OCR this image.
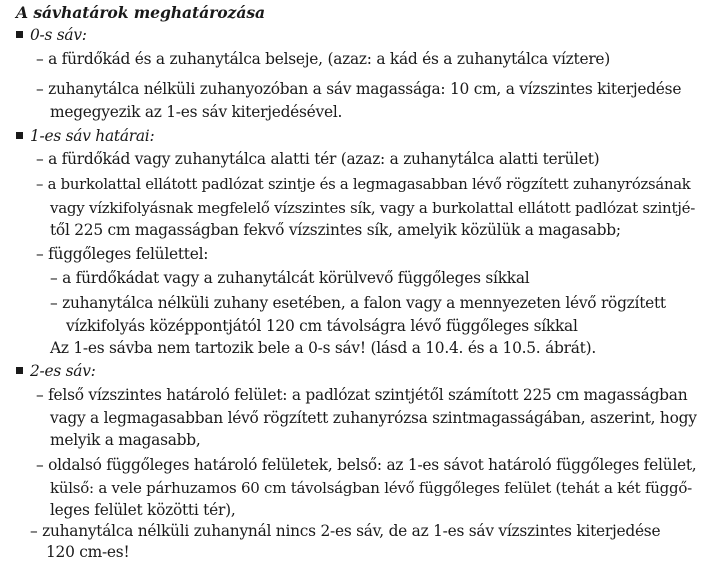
A sávhatárok meghatározása
0-s sáv:
– a fürdőkád és a zuhanytálca belseje, (azaz: a kád és a zuhanytálca víztere)
– zuhanytálca nélküli zuhanyozóban a sáv magassága: 10 cm, a vízszintes kiterjedése
megegyezik az 1-es sáv kiterjedésével.
1-es sáv határai:
– a fürdőkád vagy zuhanytálca alatti tér (azaz: a zuhanytálca alatti terület)
– a burkolattal ellátott padlózat szintje és a legmagasabban lévő rögzített zuhanyrózsának
vagy vízkifolyásnak megfelelő vízszintes sík, vagy a burkolattal ellátott padlózat szintjé-
től 225 cm magasságban fekvő vízszintes sík, amelyik közülük a magasabb;
– függőleges felülettel:
– a fürdőkádat vagy a zuhanytálcát körülvevő függőleges síkkal
– zuhanytálca nélküli zuhany esetében, a falon vagy a mennyezeten lévő rögzített
vízkifolyás középpontjától 120 cm távolságra lévő függőleges síkkal
Az 1-es sávba nem tartozik bele a 0-s sáv! (lásd a 10.4. és a 10.5. ábrát).
2-es sáv:
– felső vízszintes határoló felület: a padlózat szintjétől számított 225 cm magasságban
vagy a legmagasabban lévő rögzített zuhanyrózsa szintmagasságában, aszerint, hogy
melyik a magasabb,
– oldalsó függőleges határoló felületek, belső: az 1-es sávot határoló függőleges felület,
külső: a vele párhuzamos 60 cm távolságban lévő függőleges felület (tehát a két függő-
leges felület közötti tér),
– zuhanytálca nélküli zuhanynál nincs 2-es sáv, de az 1-es sáv vízszintes kiterjedése
120 cm-es!
